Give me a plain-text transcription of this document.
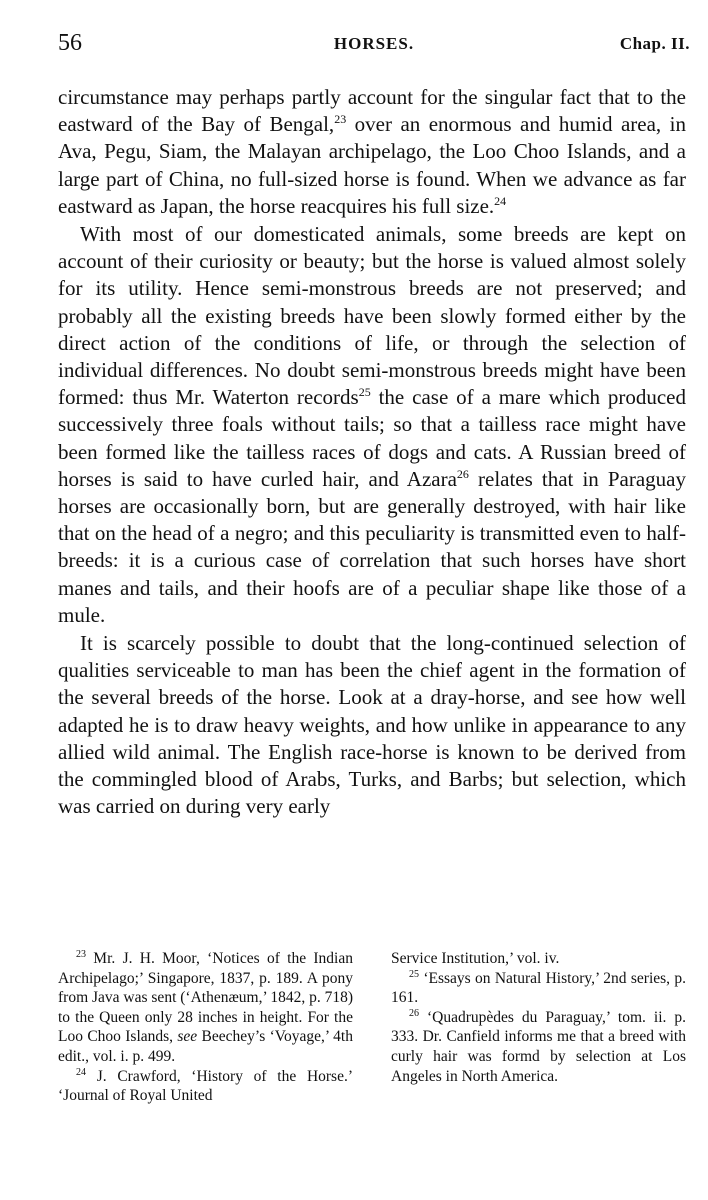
56	HORSES.	Chap. II.

circumstance may perhaps partly account for the singular fact that to the eastward of the Bay of Bengal,$^{23}$ over an enormous and humid area, in Ava, Pegu, Siam, the Malayan archipelago, the Loo Choo Islands, and a large part of China, no full-sized horse is found. When we advance as far eastward as Japan, the horse reacquires his full size.$^{24}$

With most of our domesticated animals, some breeds are kept on account of their curiosity or beauty; but the horse is valued almost solely for its utility. Hence semi-monstrous breeds are not preserved; and probably all the existing breeds have been slowly formed either by the direct action of the conditions of life, or through the selection of individual differences. No doubt semi-monstrous breeds might have been formed: thus Mr. Waterton records$^{25}$ the case of a mare which produced successively three foals without tails; so that a tailless race might have been formed like the tailless races of dogs and cats. A Russian breed of horses is said to have curled hair, and Azara$^{26}$ relates that in Paraguay horses are occasionally born, but are generally destroyed, with hair like that on the head of a negro; and this peculiarity is transmitted even to half-breeds: it is a curious case of correlation that such horses have short manes and tails, and their hoofs are of a peculiar shape like those of a mule.

It is scarcely possible to doubt that the long-continued selection of qualities serviceable to man has been the chief agent in the formation of the several breeds of the horse. Look at a dray-horse, and see how well adapted he is to draw heavy weights, and how unlike in appearance to any allied wild animal. The English race-horse is known to be derived from the commingled blood of Arabs, Turks, and Barbs; but selection, which was carried on during very early

$^{23}$ Mr. J. H. Moor, ‘Notices of the Indian Archipelago;’ Singapore, 1837, p. 189. A pony from Java was sent (‘Athenæum,’ 1842, p. 718) to the Queen only 28 inches in height. For the Loo Choo Islands, see Beechey’s ‘Voyage,’ 4th edit., vol. i. p. 499.

$^{24}$ J. Crawford, ‘History of the Horse.’ ‘Journal of Royal United

Service Institution,’ vol. iv.

$^{25}$ ‘Essays on Natural History,’ 2nd series, p. 161.

$^{26}$ ‘Quadrupèdes du Paraguay,’ tom. ii. p. 333. Dr. Canfield informs me that a breed with curly hair was formd by selection at Los Angeles in North America.
